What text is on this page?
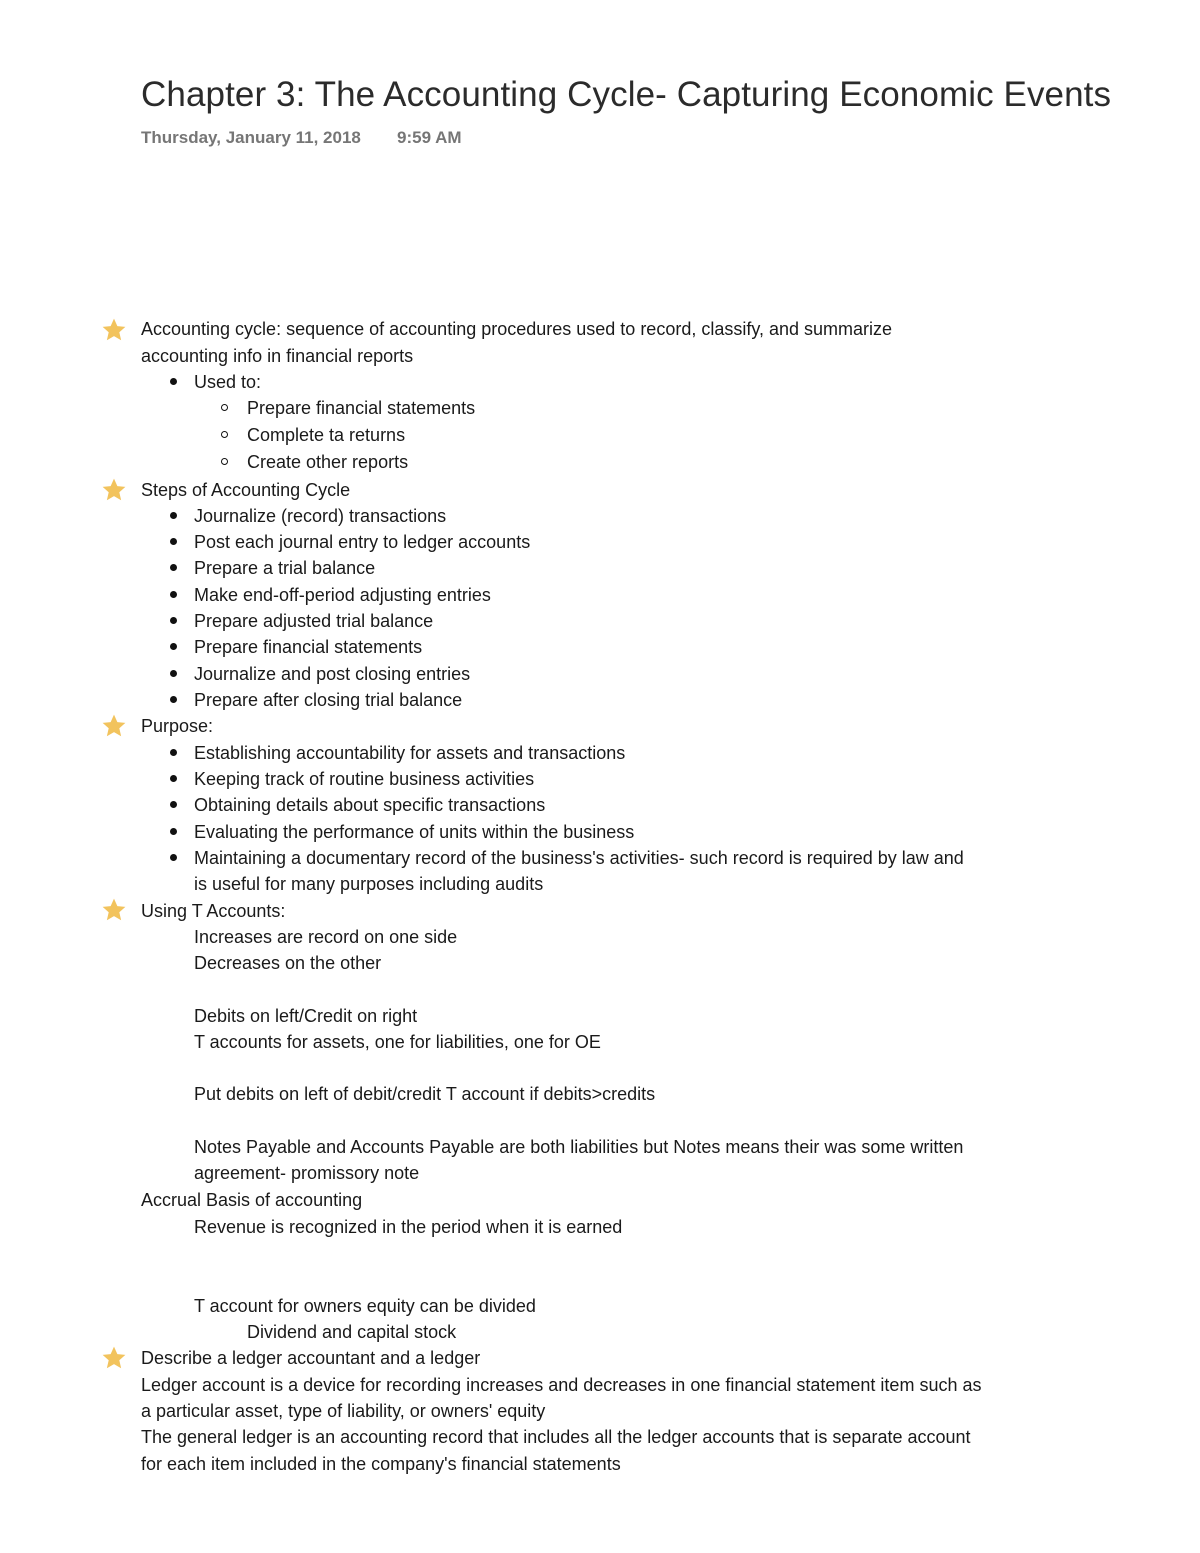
Chapter 3: The Accounting Cycle- Capturing Economic Events
Thursday, January 11, 2018 9:59 AM
Accounting cycle: sequence of accounting procedures used to record, classify, and summarize
accounting info in financial reports
Used to:
Prepare financial statements
Complete ta returns
Create other reports
Steps of Accounting Cycle
Journalize (record) transactions
Post each journal entry to ledger accounts
Prepare a trial balance
Make end-off-period adjusting entries
Prepare adjusted trial balance
Prepare financial statements
Journalize and post closing entries
Prepare after closing trial balance
Purpose:
Establishing accountability for assets and transactions
Keeping track of routine business activities
Obtaining details about specific transactions
Evaluating the performance of units within the business
Maintaining a documentary record of the business's activities- such record is required by law and
is useful for many purposes including audits
Using T Accounts:
Increases are record on one side
Decreases on the other
Debits on left/Credit on right
T accounts for assets, one for liabilities, one for OE
Put debits on left of debit/credit T account if debits>credits
Notes Payable and Accounts Payable are both liabilities but Notes means their was some written
agreement- promissory note
Accrual Basis of accounting
Revenue is recognized in the period when it is earned
T account for owners equity can be divided
Dividend and capital stock
Describe a ledger accountant and a ledger
Ledger account is a device for recording increases and decreases in one financial statement item such as
a particular asset, type of liability, or owners' equity
The general ledger is an accounting record that includes all the ledger accounts that is separate account
for each item included in the company's financial statements
